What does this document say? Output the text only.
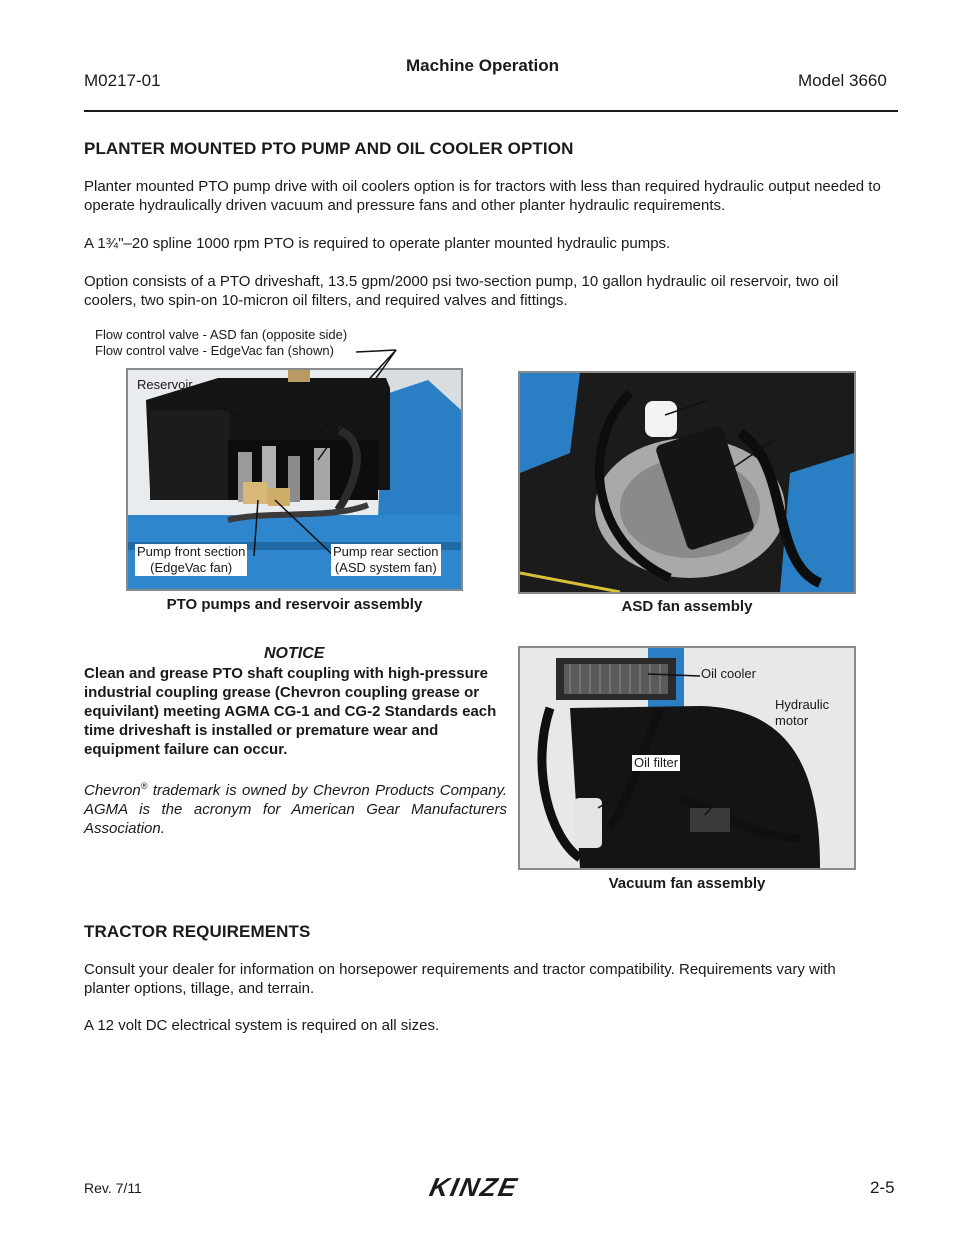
M0217-01
Machine Operation
Model 3660
PLANTER MOUNTED PTO PUMP AND OIL COOLER OPTION

Planter mounted PTO pump drive with oil coolers option is for tractors with less than required hydraulic output needed to operate hydraulically driven vacuum and pressure fans and other planter hydraulic requirements.

A 1¾"–20 spline 1000 rpm PTO is required to operate planter mounted hydraulic pumps.

Option consists of a PTO driveshaft, 13.5 gpm/2000 psi two-section pump, 10 gallon hydraulic oil reservoir, two oil coolers, two spin-on 10-micron oil filters, and required valves and fittings.

Flow control valve - ASD fan (opposite side)
Flow control valve - EdgeVac fan (shown)
Reservoir
Pump front section
(EdgeVac fan)
Pump rear section
(ASD system fan)
PTO pumps and reservoir assembly
Oil filter
Oil cooler
ASD fan assembly
NOTICE

Clean and grease PTO shaft coupling with high-pressure industrial coupling grease (Chevron coupling grease or equivilant) meeting AGMA CG-1 and CG-2 Standards each time driveshaft is installed or premature wear and equipment failure can occur.

Chevron® trademark is owned by Chevron Products Company. AGMA is the acronym for American Gear Manufacturers Association.

Oil cooler
Hydraulic
motor
Oil filter
Vacuum fan assembly
TRACTOR REQUIREMENTS

Consult your dealer for information on horsepower requirements and tractor compatibility. Requirements vary with planter options, tillage, and terrain.

A 12 volt DC electrical system is required on all sizes.

Rev. 7/11	KINZE	2-5
